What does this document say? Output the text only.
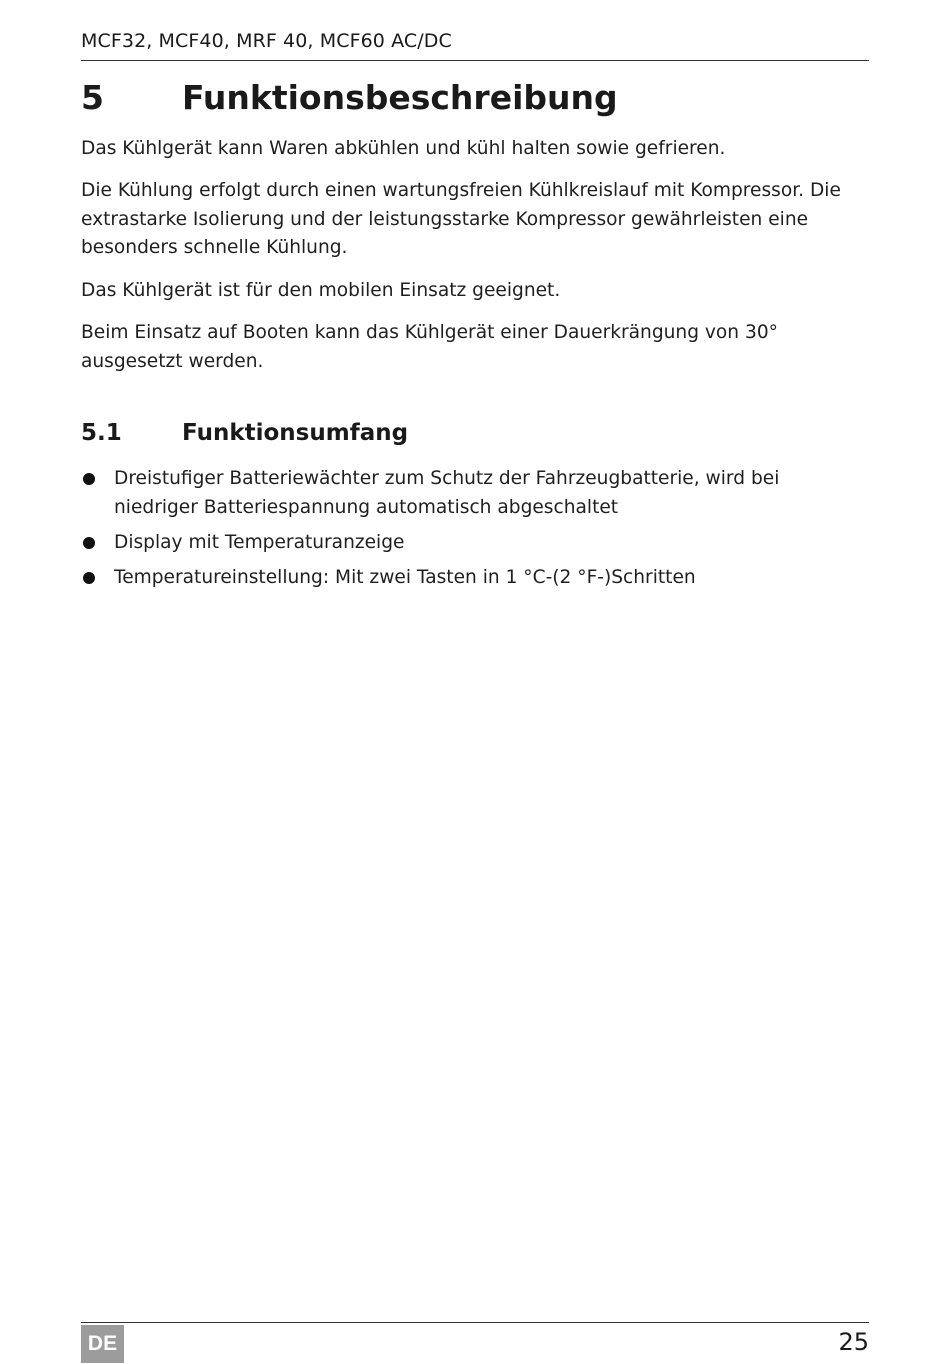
MCF32, MCF40, MRF 40, MCF60 AC/DC
5 Funktionsbeschreibung

Das Kühlgerät kann Waren abkühlen und kühl halten sowie gefrieren.

Die Kühlung erfolgt durch einen wartungsfreien Kühlkreislauf mit Kompressor. Die extrastarke Isolierung und der leistungsstarke Kompressor gewährleisten eine besonders schnelle Kühlung.

Das Kühlgerät ist für den mobilen Einsatz geeignet.

Beim Einsatz auf Booten kann das Kühlgerät einer Dauerkrängung von 30° ausgesetzt werden.

5.1	Funktionsumfang
Dreistufiger Batteriewächter zum Schutz der Fahrzeugbatterie, wird bei niedriger Batteriespannung automatisch abgeschaltet
Display mit Temperaturanzeige
Temperatureinstellung: Mit zwei Tasten in 1 °C-(2 °F-)Schritten
DE	25
